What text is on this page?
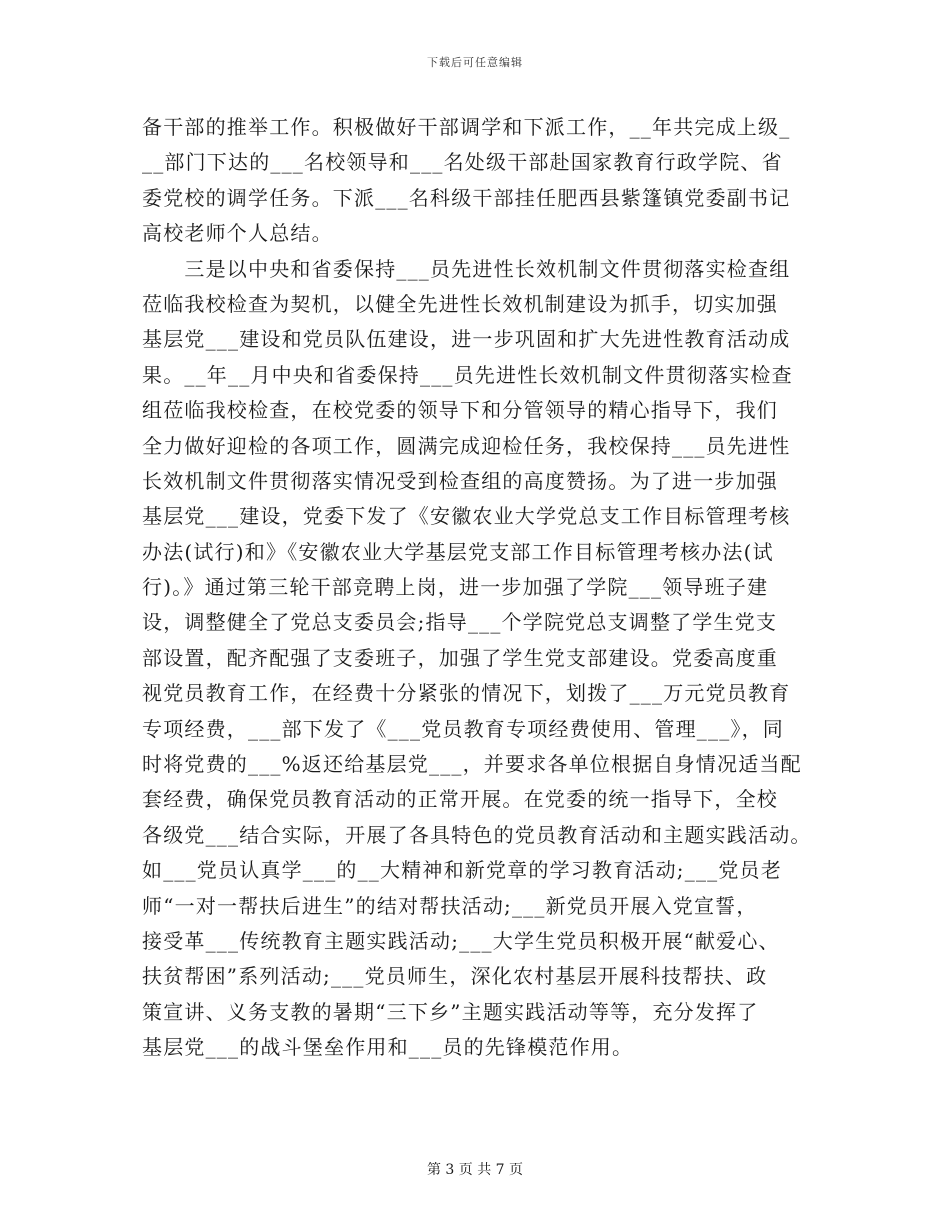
下载后可任意编辑
备干部的推举工作。积极做好干部调学和下派工作，__年共完成上级_
__部门下达的___名校领导和___名处级干部赴国家教育行政学院、省
委党校的调学任务。下派___名科级干部挂任肥西县紫篷镇党委副书记
高校老师个人总结。
　　三是以中央和省委保持___员先进性长效机制文件贯彻落实检查组
莅临我校检查为契机，以健全先进性长效机制建设为抓手，切实加强
基层党___建设和党员队伍建设，进一步巩固和扩大先进性教育活动成
果。__年__月中央和省委保持___员先进性长效机制文件贯彻落实检查
组莅临我校检查，在校党委的领导下和分管领导的精心指导下，我们
全力做好迎检的各项工作，圆满完成迎检任务，我校保持___员先进性
长效机制文件贯彻落实情况受到检查组的高度赞扬。为了进一步加强
基层党___建设，党委下发了《安徽农业大学党总支工作目标管理考核
办法(试行)和》《安徽农业大学基层党支部工作目标管理考核办法(试
行)。》通过第三轮干部竞聘上岗，进一步加强了学院___领导班子建
设，调整健全了党总支委员会;指导___个学院党总支调整了学生党支
部设置，配齐配强了支委班子，加强了学生党支部建设。党委高度重
视党员教育工作，在经费十分紧张的情况下，划拨了___万元党员教育
专项经费，___部下发了《___党员教育专项经费使用、管理___》，同
时将党费的___%返还给基层党___，并要求各单位根据自身情况适当配
套经费，确保党员教育活动的正常开展。在党委的统一指导下，全校
各级党___结合实际，开展了各具特色的党员教育活动和主题实践活动。
如___党员认真学___的__大精神和新党章的学习教育活动;___党员老
师“一对一帮扶后进生”的结对帮扶活动;___新党员开展入党宣誓，
接受革___传统教育主题实践活动;___大学生党员积极开展“献爱心、
扶贫帮困”系列活动;___党员师生，深化农村基层开展科技帮扶、政
策宣讲、义务支教的暑期“三下乡”主题实践活动等等，充分发挥了
基层党___的战斗堡垒作用和___员的先锋模范作用。
第 3 页 共 7 页
